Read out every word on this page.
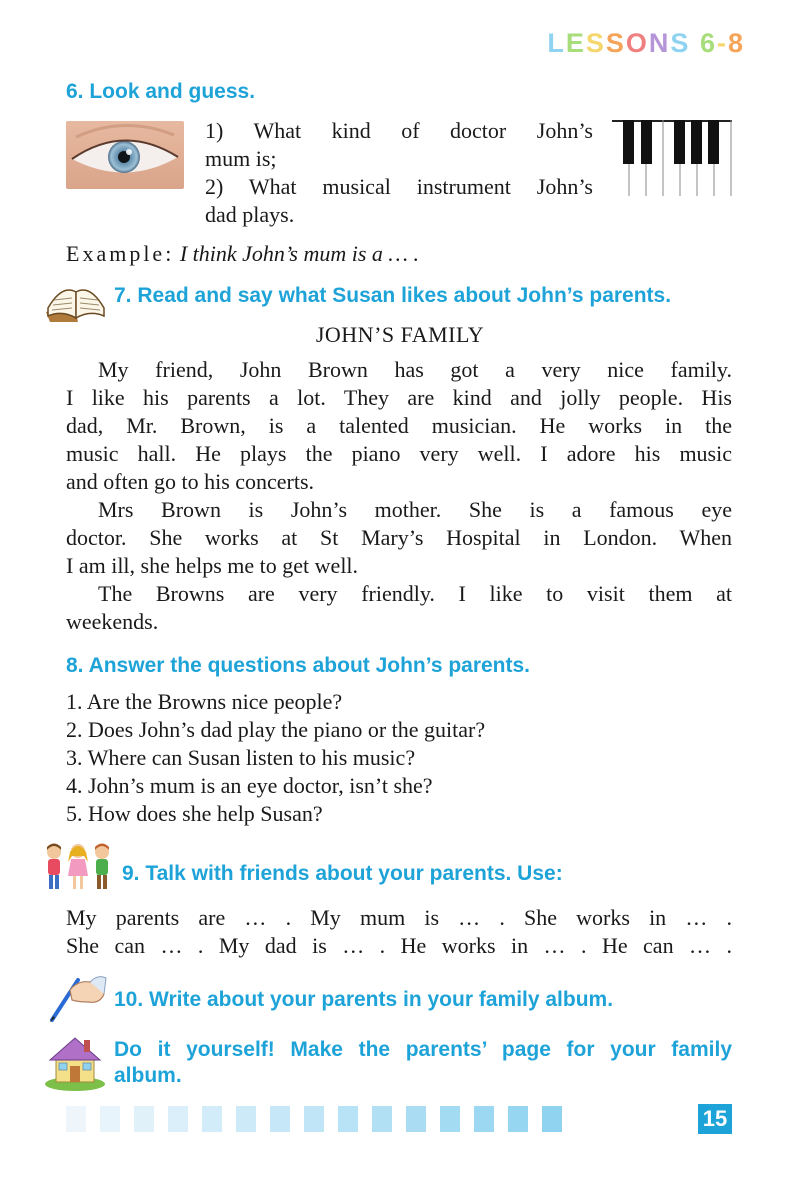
LESSONS 6-8
6. Look and guess.
1) What kind of doctor John’s
mum is;
2) What musical instrument John’s
dad plays.
Example: I think John’s mum is a … .
7. Read and say what Susan likes about John’s parents.
JOHN’S FAMILY
My friend, John Brown has got a very nice family.
I like his parents a lot. They are kind and jolly people. His
dad, Mr. Brown, is a talented musician. He works in the
music hall. He plays the piano very well. I adore his music
and often go to his concerts.
Mrs Brown is John’s mother. She is a famous eye
doctor. She works at St Mary’s Hospital in London. When
I am ill, she helps me to get well.
The Browns are very friendly. I like to visit them at
weekends.
8. Answer the questions about John’s parents.
1. Are the Browns nice people?
2. Does John’s dad play the piano or the guitar?
3. Where can Susan listen to his music?
4. John’s mum is an eye doctor, isn’t she?
5. How does she help Susan?
9. Talk with friends about your parents. Use:
My parents are … . My mum is … . She works in … .
She can … . My dad is … . He works in … . He can … .
10. Write about your parents in your family album.
Do it yourself! Make the parents’ page for your family
album.
15
